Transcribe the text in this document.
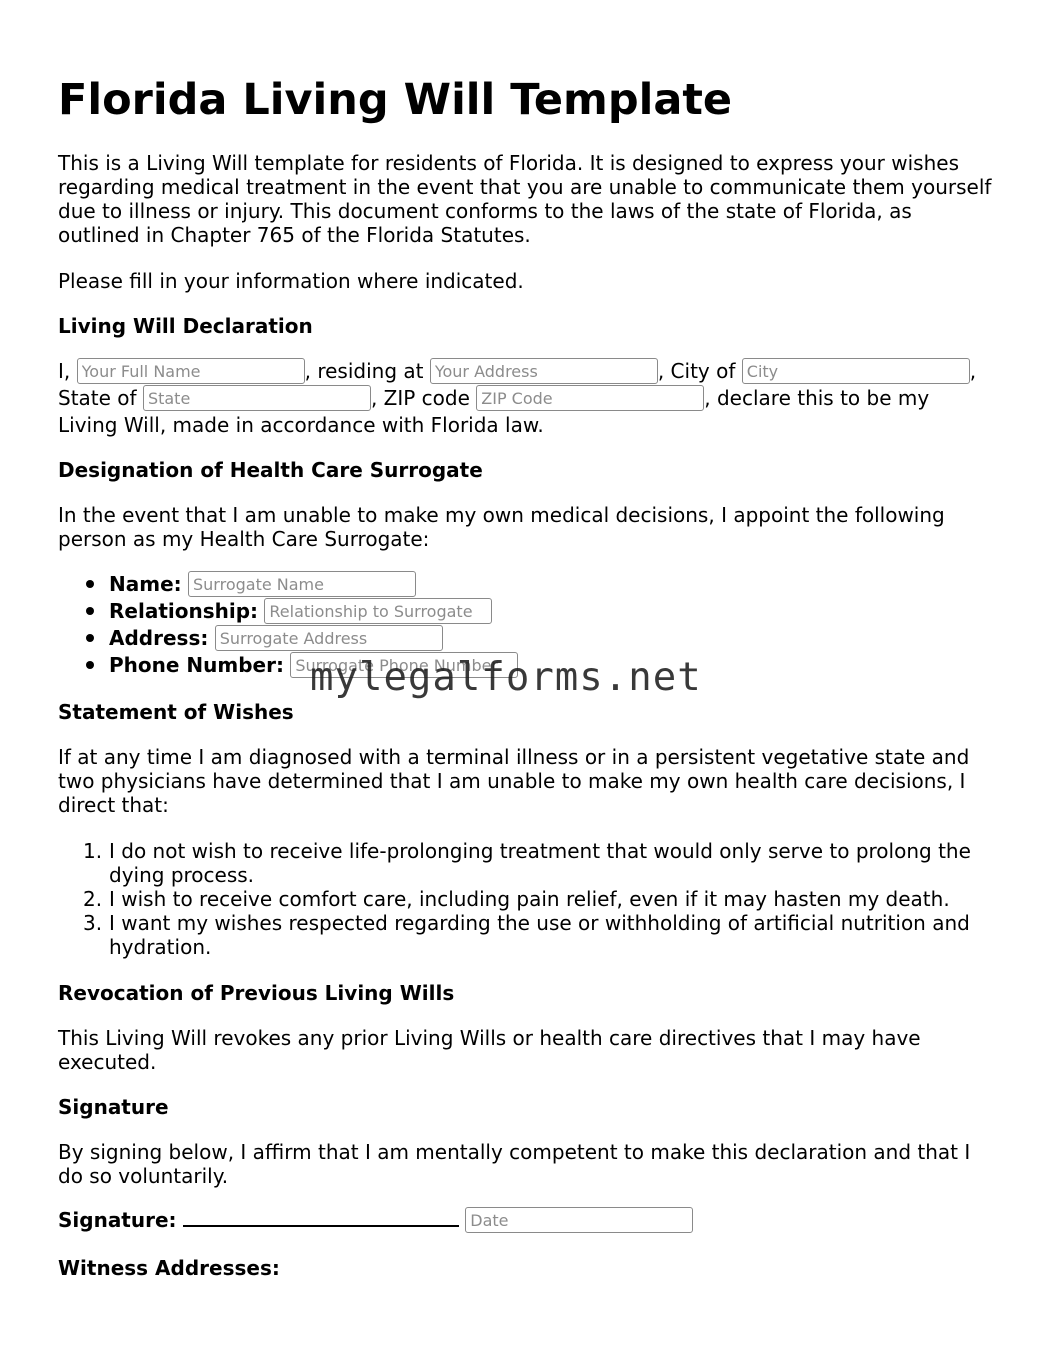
Florida Living Will Template
This is a Living Will template for residents of Florida. It is designed to express your wishes regarding medical treatment in the event that you are unable to communicate them yourself due to illness or injury. This document conforms to the laws of the state of Florida, as outlined in Chapter 765 of the Florida Statutes.
Please fill in your information where indicated.
Living Will Declaration
I, Your Full Name	, residing at Your Address	, City of City	,
State of State	, ZIP code ZIP Code	, declare this to be my
Living Will, made in accordance with Florida law.
Designation of Health Care Surrogate
In the event that I am unable to make my own medical decisions, I appoint the following person as my Health Care Surrogate:
Name: Surrogate Name
Relationship: Relationship to Surrogate
Address: Surrogate Address
Phone Number: Surrogate Phone Number
Statement of Wishes
If at any time I am diagnosed with a terminal illness or in a persistent vegetative state and two physicians have determined that I am unable to make my own health care decisions, I direct that:
1. I do not wish to receive life-prolonging treatment that would only serve to prolong the dying process.
2. I wish to receive comfort care, including pain relief, even if it may hasten my death.
3. I want my wishes respected regarding the use or withholding of artificial nutrition and hydration.
Revocation of Previous Living Wills
This Living Will revokes any prior Living Wills or health care directives that I may have executed.
Signature
By signing below, I affirm that I am mentally competent to make this declaration and that I do so voluntarily.
Signature:  Date
Witness Addresses:
mylegalforms.net
